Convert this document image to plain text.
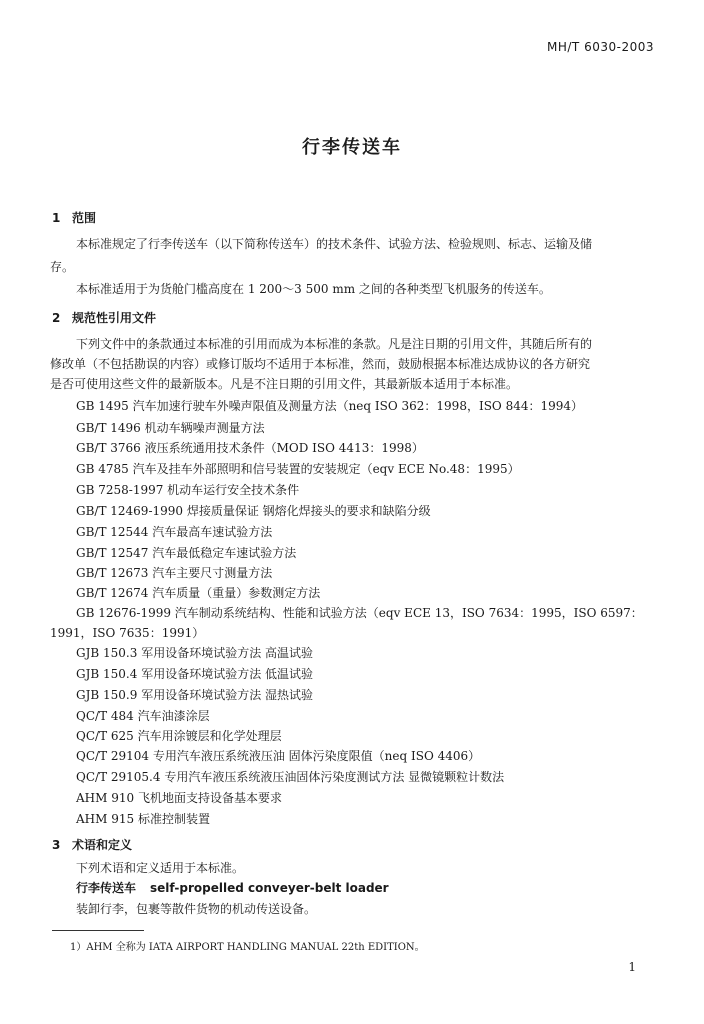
MH/T 6030-2003
行李传送车
1 范围
本标准规定了行李传送车（以下简称传送车）的技术条件、试验方法、检验规则、标志、运输及储
存。
本标准适用于为货舱门槛高度在 1 200～3 500 mm 之间的各种类型飞机服务的传送车。
2 规范性引用文件
下列文件中的条款通过本标准的引用而成为本标准的条款。凡是注日期的引用文件，其随后所有的
修改单（不包括勘误的内容）或修订版均不适用于本标准，然而，鼓励根据本标准达成协议的各方研究
是否可使用这些文件的最新版本。凡是不注日期的引用文件，其最新版本适用于本标准。
GB 1495 汽车加速行驶车外噪声限值及测量方法（neq ISO 362：1998，ISO 844：1994）
GB/T 1496 机动车辆噪声测量方法
GB/T 3766 液压系统通用技术条件（MOD ISO 4413：1998）
GB 4785 汽车及挂车外部照明和信号装置的安装规定（eqv ECE No.48：1995）
GB 7258-1997 机动车运行安全技术条件
GB/T 12469-1990 焊接质量保证 钢熔化焊接头的要求和缺陷分级
GB/T 12544 汽车最高车速试验方法
GB/T 12547 汽车最低稳定车速试验方法
GB/T 12673 汽车主要尺寸测量方法
GB/T 12674 汽车质量（重量）参数测定方法
GB 12676-1999 汽车制动系统结构、性能和试验方法（eqv ECE 13，ISO 7634：1995，ISO 6597：
1991，ISO 7635：1991）
GJB 150.3 军用设备环境试验方法 高温试验
GJB 150.4 军用设备环境试验方法 低温试验
GJB 150.9 军用设备环境试验方法 湿热试验
QC/T 484 汽车油漆涂层
QC/T 625 汽车用涂镀层和化学处理层
QC/T 29104 专用汽车液压系统液压油 固体污染度限值（neq ISO 4406）
QC/T 29105.4 专用汽车液压系统液压油固体污染度测试方法 显微镜颗粒计数法
AHM 910 飞机地面支持设备基本要求
AHM 915 标准控制装置
3 术语和定义
下列术语和定义适用于本标准。
行李传送车 self-propelled conveyer-belt loader
装卸行李，包裹等散件货物的机动传送设备。
1）AHM 全称为 IATA AIRPORT HANDLING MANUAL 22th EDITION。
1
